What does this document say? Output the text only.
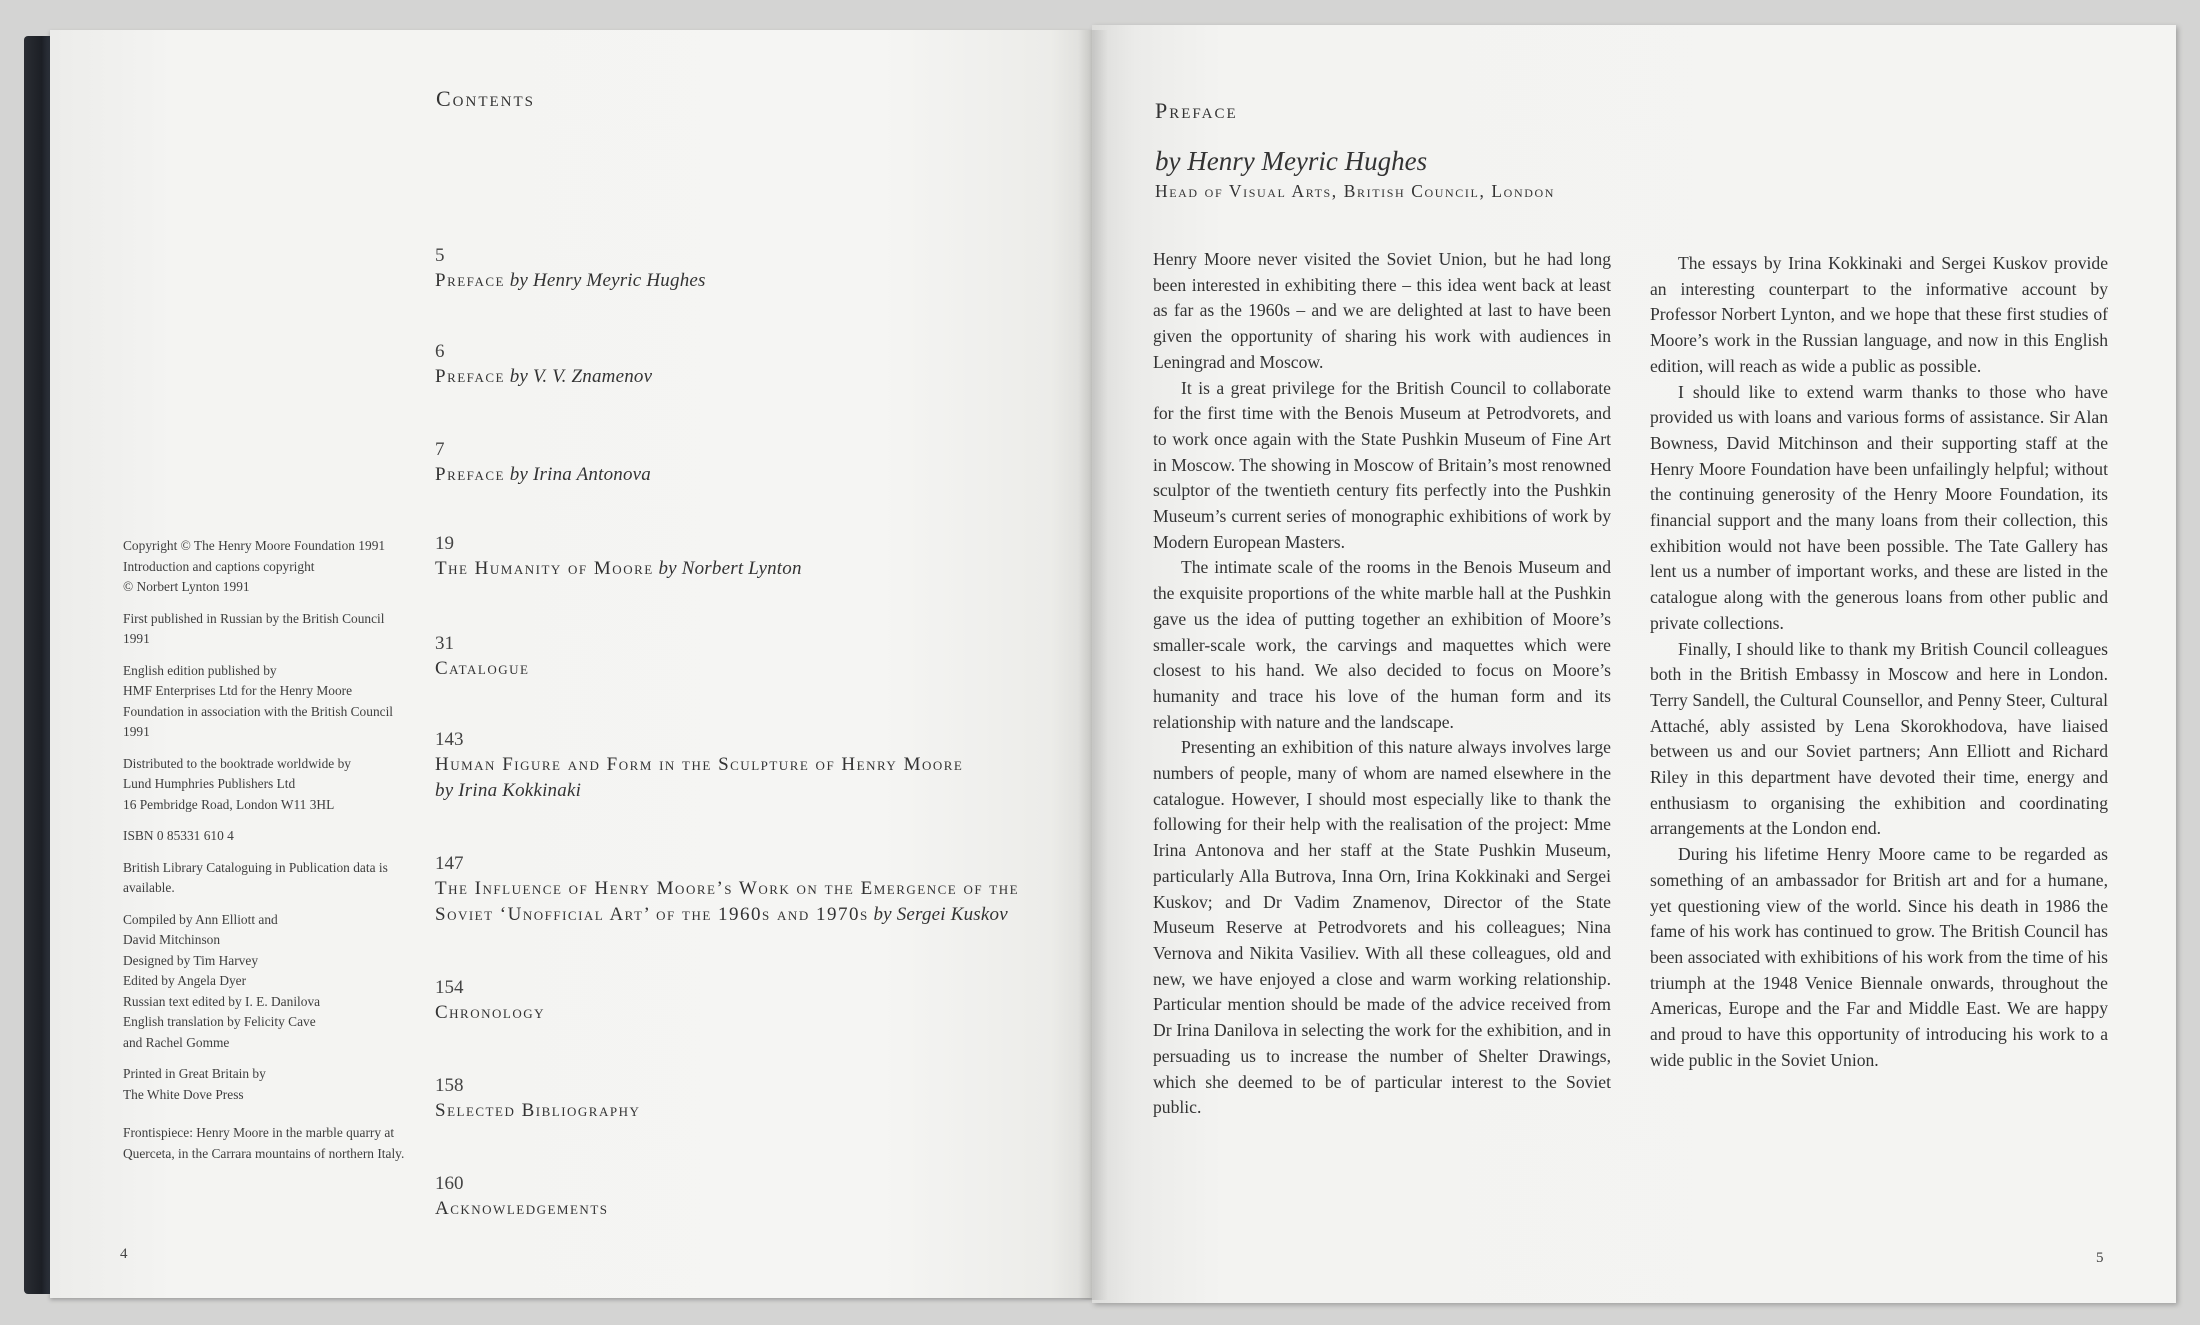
Contents
5
Preface by Henry Meyric Hughes
6
Preface by V. V. Znamenov
7
Preface by Irina Antonova
19
The Humanity of Moore by Norbert Lynton
31
Catalogue
143
Human Figure and Form in the Sculpture of Henry Moore
by Irina Kokkinaki
147
The Influence of Henry Moore’s Work on the Emergence of the Soviet ‘Unofficial Art’ of the 1960s and 1970s by Sergei Kuskov
154
Chronology
158
Selected Bibliography
160
Acknowledgements

Copyright © The Henry Moore Foundation 1991
Introduction and captions copyright
© Norbert Lynton 1991

First published in Russian by the British Council 1991

English edition published by
HMF Enterprises Ltd for the Henry Moore Foundation in association with the British Council 1991

Distributed to the booktrade worldwide by
Lund Humphries Publishers Ltd
16 Pembridge Road, London W11 3HL

ISBN 0 85331 610 4

British Library Cataloguing in Publication data is available.

Compiled by Ann Elliott and
David Mitchinson
Designed by Tim Harvey
Edited by Angela Dyer
Russian text edited by I. E. Danilova
English translation by Felicity Cave
and Rachel Gomme

Printed in Great Britain by
The White Dove Press

Frontispiece: Henry Moore in the marble quarry at Querceta, in the Carrara mountains of northern Italy.

4
Preface
by Henry Meyric Hughes
Head of Visual Arts, British Council, London

Henry Moore never visited the Soviet Union, but he had long been interested in exhibiting there – this idea went back at least as far as the 1960s – and we are delighted at last to have been given the opportunity of sharing his work with audiences in Leningrad and Moscow.

It is a great privilege for the British Council to collaborate for the first time with the Benois Museum at Petrodvorets, and to work once again with the State Pushkin Museum of Fine Art in Moscow. The showing in Moscow of Britain’s most renowned sculptor of the twentieth century fits perfectly into the Pushkin Museum’s current series of monographic exhibitions of work by Modern European Masters.

The intimate scale of the rooms in the Benois Museum and the exquisite proportions of the white marble hall at the Pushkin gave us the idea of putting together an exhibition of Moore’s smaller-scale work, the carvings and maquettes which were closest to his hand. We also decided to focus on Moore’s humanity and trace his love of the human form and its relationship with nature and the landscape.

Presenting an exhibition of this nature always involves large numbers of people, many of whom are named elsewhere in the catalogue. However, I should most especially like to thank the following for their help with the realisation of the project: Mme Irina Antonova and her staff at the State Pushkin Museum, particularly Alla Butrova, Inna Orn, Irina Kokkinaki and Sergei Kuskov; and Dr Vadim Znamenov, Director of the State Museum Reserve at Petrodvorets and his colleagues; Nina Vernova and Nikita Vasiliev. With all these colleagues, old and new, we have enjoyed a close and warm working relationship. Particular mention should be made of the advice received from Dr Irina Danilova in selecting the work for the exhibition, and in persuading us to increase the number of Shelter Drawings, which she deemed to be of particular interest to the Soviet public.

The essays by Irina Kokkinaki and Sergei Kuskov provide an interesting counterpart to the informative account by Professor Norbert Lynton, and we hope that these first studies of Moore’s work in the Russian language, and now in this English edition, will reach as wide a public as possible.

I should like to extend warm thanks to those who have provided us with loans and various forms of assistance. Sir Alan Bowness, David Mitchinson and their supporting staff at the Henry Moore Foundation have been unfailingly helpful; without the continuing generosity of the Henry Moore Foundation, its financial support and the many loans from their collection, this exhibition would not have been possible. The Tate Gallery has lent us a number of important works, and these are listed in the catalogue along with the generous loans from other public and private collections.

Finally, I should like to thank my British Council colleagues both in the British Embassy in Moscow and here in London. Terry Sandell, the Cultural Counsellor, and Penny Steer, Cultural Attaché, ably assisted by Lena Skorokhodova, have liaised between us and our Soviet partners; Ann Elliott and Richard Riley in this department have devoted their time, energy and enthusiasm to organising the exhibition and coordinating arrangements at the London end.

During his lifetime Henry Moore came to be regarded as something of an ambassador for British art and for a humane, yet questioning view of the world. Since his death in 1986 the fame of his work has continued to grow. The British Council has been associated with exhibitions of his work from the time of his triumph at the 1948 Venice Biennale onwards, throughout the Americas, Europe and the Far and Middle East. We are happy and proud to have this opportunity of introducing his work to a wide public in the Soviet Union.

5
